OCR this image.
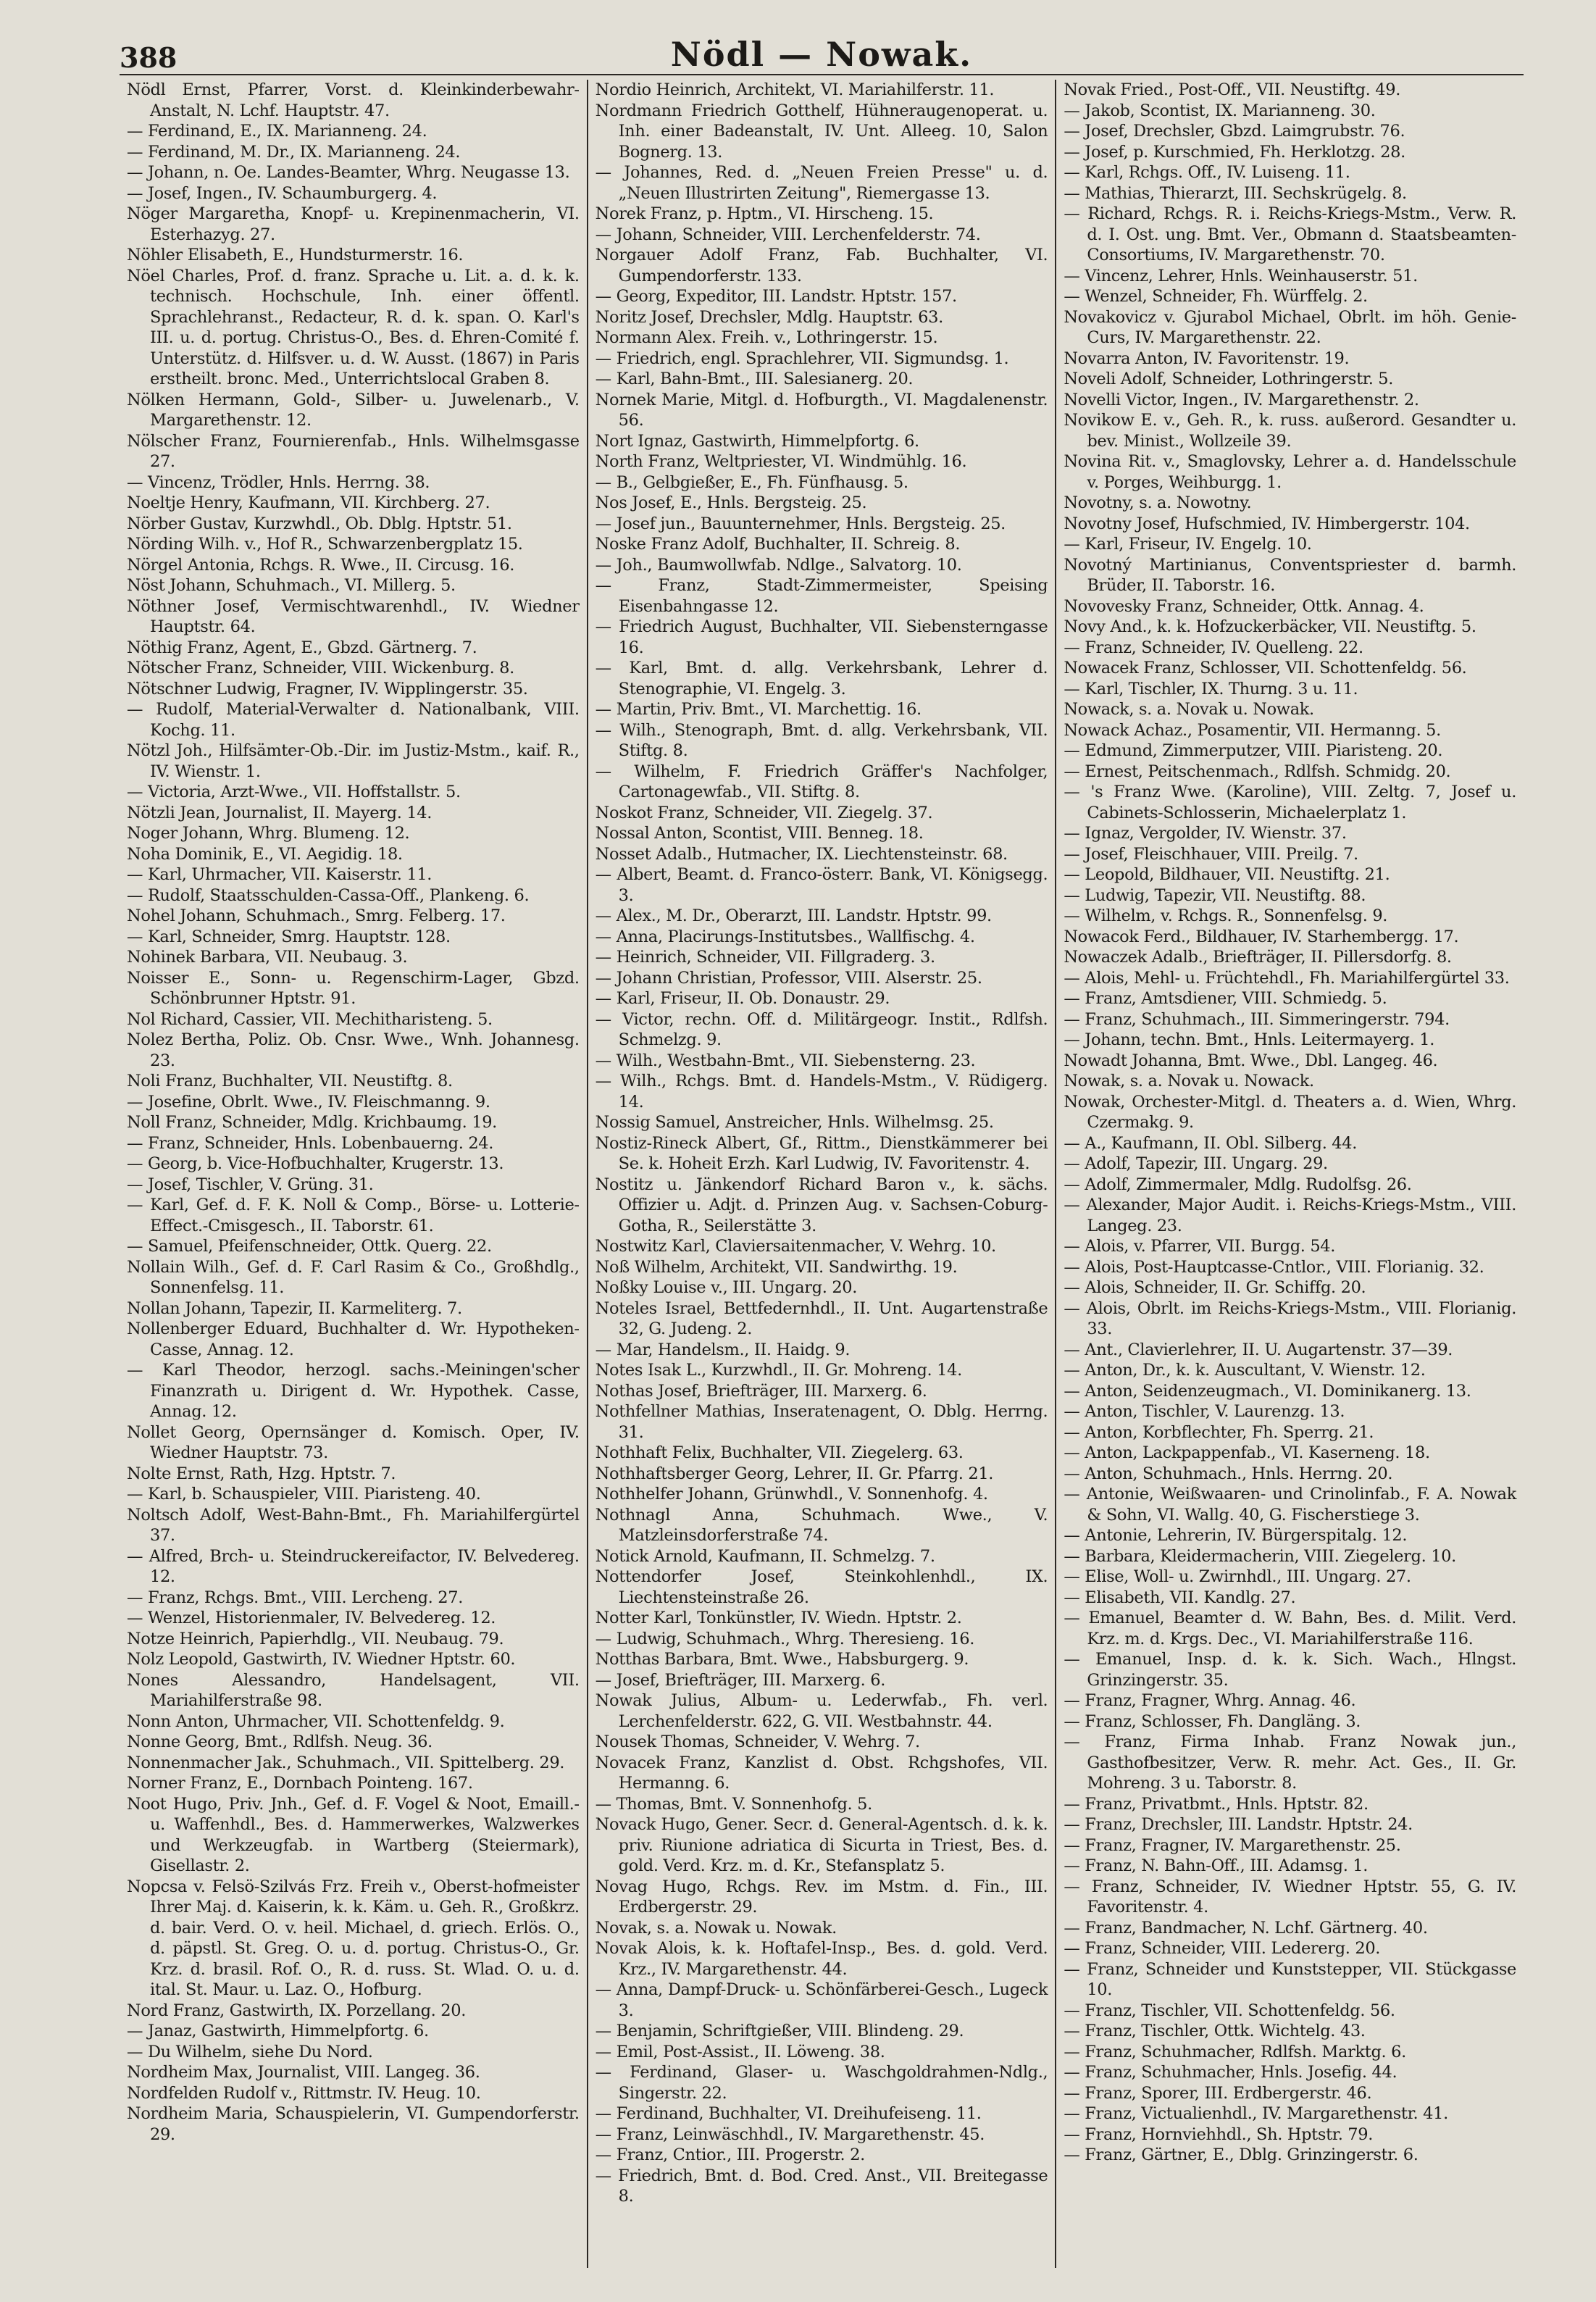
388	Nödl — Nowak.
Nödl Ernst, Pfarrer, Vorst. d. Kleinkinderbewahr-Anstalt, N. Lchf. Hauptstr. 47.
— Ferdinand, E., IX. Marianneng. 24.
— Ferdinand, M. Dr., IX. Marianneng. 24.
— Johann, n. Oe. Landes-Beamter, Whrg. Neugasse 13.
— Josef, Ingen., IV. Schaumburgerg. 4.
Nöger Margaretha, Knopf- u. Krepinenmacherin, VI. Esterhazyg. 27.
Nöhler Elisabeth, E., Hundsturmerstr. 16.
Nöel Charles, Prof. d. franz. Sprache u. Lit. a. d. k. k. technisch. Hochschule, Inh. einer öffentl. Sprachlehranst., Redacteur, R. d. k. span. O. Karl's III. u. d. portug. Christus-O., Bes. d. Ehren-Comité f. Unterstütz. d. Hilfsver. u. d. W. Ausst. (1867) in Paris erstheilt. bronc. Med., Unterrichtslocal Graben 8.
Nölken Hermann, Gold-, Silber- u. Juwelenarb., V. Margarethenstr. 12.
Nölscher Franz, Fournierenfab., Hnls. Wilhelmsgasse 27.
— Vincenz, Trödler, Hnls. Herrng. 38.
Noeltje Henry, Kaufmann, VII. Kirchberg. 27.
Nörber Gustav, Kurzwhdl., Ob. Dblg. Hptstr. 51.
Nörding Wilh. v., Hof R., Schwarzenbergplatz 15.
Nörgel Antonia, Rchgs. R. Wwe., II. Circusg. 16.
Nöst Johann, Schuhmach., VI. Millerg. 5.
Nöthner Josef, Vermischtwarenhdl., IV. Wiedner Hauptstr. 64.
Nöthig Franz, Agent, E., Gbzd. Gärtnerg. 7.
Nötscher Franz, Schneider, VIII. Wickenburg. 8.
Nötschner Ludwig, Fragner, IV. Wipplingerstr. 35.
— Rudolf, Material-Verwalter d. Nationalbank, VIII. Kochg. 11.
Nötzl Joh., Hilfsämter-Ob.-Dir. im Justiz-Mstm., kaif. R., IV. Wienstr. 1.
— Victoria, Arzt-Wwe., VII. Hoffstallstr. 5.
Nötzli Jean, Journalist, II. Mayerg. 14.
Noger Johann, Whrg. Blumeng. 12.
Noha Dominik, E., VI. Aegidig. 18.
— Karl, Uhrmacher, VII. Kaiserstr. 11.
— Rudolf, Staatsschulden-Cassa-Off., Plankeng. 6.
Nohel Johann, Schuhmach., Smrg. Felberg. 17.
— Karl, Schneider, Smrg. Hauptstr. 128.
Nohinek Barbara, VII. Neubaug. 3.
Noisser E., Sonn- u. Regenschirm-Lager, Gbzd. Schönbrunner Hptstr. 91.
Nol Richard, Cassier, VII. Mechitharisteng. 5.
Nolez Bertha, Poliz. Ob. Cnsr. Wwe., Wnh. Johannesg. 23.
Noli Franz, Buchhalter, VII. Neustiftg. 8.
— Josefine, Obrlt. Wwe., IV. Fleischmanng. 9.
Noll Franz, Schneider, Mdlg. Krichbaumg. 19.
— Franz, Schneider, Hnls. Lobenbauerng. 24.
— Georg, b. Vice-Hofbuchhalter, Krugerstr. 13.
— Josef, Tischler, V. Grüng. 31.
— Karl, Gef. d. F. K. Noll & Comp., Börse- u. Lotterie-Effect.-Cmisgesch., II. Taborstr. 61.
— Samuel, Pfeifenschneider, Ottk. Querg. 22.
Nollain Wilh., Gef. d. F. Carl Rasim & Co., Großhdlg., Sonnenfelsg. 11.
Nollan Johann, Tapezir, II. Karmeliterg. 7.
Nollenberger Eduard, Buchhalter d. Wr. Hypotheken-Casse, Annag. 12.
— Karl Theodor, herzogl. sachs.-Meiningen'scher Finanzrath u. Dirigent d. Wr. Hypothek. Casse, Annag. 12.
Nollet Georg, Opernsänger d. Komisch. Oper, IV. Wiedner Hauptstr. 73.
Nolte Ernst, Rath, Hzg. Hptstr. 7.
— Karl, b. Schauspieler, VIII. Piaristeng. 40.
Noltsch Adolf, West-Bahn-Bmt., Fh. Mariahilfergürtel 37.
— Alfred, Brch- u. Steindruckereifactor, IV. Belvedereg. 12.
— Franz, Rchgs. Bmt., VIII. Lercheng. 27.
— Wenzel, Historienmaler, IV. Belvedereg. 12.
Notze Heinrich, Papierhdlg., VII. Neubaug. 79.
Nolz Leopold, Gastwirth, IV. Wiedner Hptstr. 60.
Nones Alessandro, Handelsagent, VII. Mariahilferstraße 98.
Nonn Anton, Uhrmacher, VII. Schottenfeldg. 9.
Nonne Georg, Bmt., Rdlfsh. Neug. 36.
Nonnenmacher Jak., Schuhmach., VII. Spittelberg. 29.
Norner Franz, E., Dornbach Pointeng. 167.
Noot Hugo, Priv. Jnh., Gef. d. F. Vogel & Noot, Emaill.- u. Waffenhdl., Bes. d. Hammerwerkes, Walzwerkes und Werkzeugfab. in Wartberg (Steiermark), Gisellastr. 2.
Nopcsa v. Felsö-Szilvás Frz. Freih v., Oberst-hofmeister Ihrer Maj. d. Kaiserin, k. k. Käm. u. Geh. R., Großkrz. d. bair. Verd. O. v. heil. Michael, d. griech. Erlös. O., d. päpstl. St. Greg. O. u. d. portug. Christus-O., Gr. Krz. d. brasil. Rof. O., R. d. russ. St. Wlad. O. u. d. ital. St. Maur. u. Laz. O., Hofburg.
Nord Franz, Gastwirth, IX. Porzellang. 20.
— Janaz, Gastwirth, Himmelpfortg. 6.
— Du Wilhelm, siehe Du Nord.
Nordheim Max, Journalist, VIII. Langeg. 36.
Nordfelden Rudolf v., Rittmstr. IV. Heug. 10.
Nordheim Maria, Schauspielerin, VI. Gumpendorferstr. 29.
Nordio Heinrich, Architekt, VI. Mariahilferstr. 11.
Nordmann Friedrich Gotthelf, Hühneraugenoperat. u. Inh. einer Badeanstalt, IV. Unt. Alleeg. 10, Salon Bognerg. 13.
— Johannes, Red. d. „Neuen Freien Presse" u. d. „Neuen Illustrirten Zeitung", Riemergasse 13.
Norek Franz, p. Hptm., VI. Hirscheng. 15.
— Johann, Schneider, VIII. Lerchenfelderstr. 74.
Norgauer Adolf Franz, Fab. Buchhalter, VI. Gumpendorferstr. 133.
— Georg, Expeditor, III. Landstr. Hptstr. 157.
Noritz Josef, Drechsler, Mdlg. Hauptstr. 63.
Normann Alex. Freih. v., Lothringerstr. 15.
— Friedrich, engl. Sprachlehrer, VII. Sigmundsg. 1.
— Karl, Bahn-Bmt., III. Salesianerg. 20.
Nornek Marie, Mitgl. d. Hofburgth., VI. Magdalenenstr. 56.
Nort Ignaz, Gastwirth, Himmelpfortg. 6.
North Franz, Weltpriester, VI. Windmühlg. 16.
— B., Gelbgießer, E., Fh. Fünfhausg. 5.
Nos Josef, E., Hnls. Bergsteig. 25.
— Josef jun., Bauunternehmer, Hnls. Bergsteig. 25.
Noske Franz Adolf, Buchhalter, II. Schreig. 8.
— Joh., Baumwollwfab. Ndlge., Salvatorg. 10.
— Franz, Stadt-Zimmermeister, Speising Eisenbahngasse 12.
— Friedrich August, Buchhalter, VII. Siebensterngasse 16.
— Karl, Bmt. d. allg. Verkehrsbank, Lehrer d. Stenographie, VI. Engelg. 3.
— Martin, Priv. Bmt., VI. Marchettig. 16.
— Wilh., Stenograph, Bmt. d. allg. Verkehrsbank, VII. Stiftg. 8.
— Wilhelm, F. Friedrich Gräffer's Nachfolger, Cartonagewfab., VII. Stiftg. 8.
Noskot Franz, Schneider, VII. Ziegelg. 37.
Nossal Anton, Scontist, VIII. Benneg. 18.
Nosset Adalb., Hutmacher, IX. Liechtensteinstr. 68.
— Albert, Beamt. d. Franco-österr. Bank, VI. Königsegg. 3.
— Alex., M. Dr., Oberarzt, III. Landstr. Hptstr. 99.
— Anna, Placirungs-Institutsbes., Wallfischg. 4.
— Heinrich, Schneider, VII. Fillgraderg. 3.
— Johann Christian, Professor, VIII. Alserstr. 25.
— Karl, Friseur, II. Ob. Donaustr. 29.
— Victor, rechn. Off. d. Militärgeogr. Instit., Rdlfsh. Schmelzg. 9.
— Wilh., Westbahn-Bmt., VII. Siebensterng. 23.
— Wilh., Rchgs. Bmt. d. Handels-Mstm., V. Rüdigerg. 14.
Nossig Samuel, Anstreicher, Hnls. Wilhelmsg. 25.
Nostiz-Rineck Albert, Gf., Rittm., Dienstkämmerer bei Se. k. Hoheit Erzh. Karl Ludwig, IV. Favoritenstr. 4.
Nostitz u. Jänkendorf Richard Baron v., k. sächs. Offizier u. Adjt. d. Prinzen Aug. v. Sachsen-Coburg-Gotha, R., Seilerstätte 3.
Nostwitz Karl, Claviersaitenmacher, V. Wehrg. 10.
Noß Wilhelm, Architekt, VII. Sandwirthg. 19.
Noßky Louise v., III. Ungarg. 20.
Noteles Israel, Bettfedernhdl., II. Unt. Augartenstraße 32, G. Judeng. 2.
— Mar, Handelsm., II. Haidg. 9.
Notes Isak L., Kurzwhdl., II. Gr. Mohreng. 14.
Nothas Josef, Briefträger, III. Marxerg. 6.
Nothfellner Mathias, Inseratenagent, O. Dblg. Herrng. 31.
Nothhaft Felix, Buchhalter, VII. Ziegelerg. 63.
Nothhaftsberger Georg, Lehrer, II. Gr. Pfarrg. 21.
Nothhelfer Johann, Grünwhdl., V. Sonnenhofg. 4.
Nothnagl Anna, Schuhmach. Wwe., V. Matzleinsdorferstraße 74.
Notick Arnold, Kaufmann, II. Schmelzg. 7.
Nottendorfer Josef, Steinkohlenhdl., IX. Liechtensteinstraße 26.
Notter Karl, Tonkünstler, IV. Wiedn. Hptstr. 2.
— Ludwig, Schuhmach., Whrg. Theresieng. 16.
Notthas Barbara, Bmt. Wwe., Habsburgerg. 9.
— Josef, Briefträger, III. Marxerg. 6.
Nowak Julius, Album- u. Lederwfab., Fh. verl. Lerchenfelderstr. 622, G. VII. Westbahnstr. 44.
Nousek Thomas, Schneider, V. Wehrg. 7.
Novacek Franz, Kanzlist d. Obst. Rchgshofes, VII. Hermanng. 6.
— Thomas, Bmt. V. Sonnenhofg. 5.
Novack Hugo, Gener. Secr. d. General-Agentsch. d. k. k. priv. Riunione adriatica di Sicurta in Triest, Bes. d. gold. Verd. Krz. m. d. Kr., Stefansplatz 5.
Novag Hugo, Rchgs. Rev. im Mstm. d. Fin., III. Erdbergerstr. 29.
Novak, s. a. Nowak u. Nowak.
Novak Alois, k. k. Hoftafel-Insp., Bes. d. gold. Verd. Krz., IV. Margarethenstr. 44.
— Anna, Dampf-Druck- u. Schönfärberei-Gesch., Lugeck 3.
— Benjamin, Schriftgießer, VIII. Blindeng. 29.
— Emil, Post-Assist., II. Löweng. 38.
— Ferdinand, Glaser- u. Waschgoldrahmen-Ndlg., Singerstr. 22.
— Ferdinand, Buchhalter, VI. Dreihufeiseng. 11.
— Franz, Leinwäschhdl., IV. Margarethenstr. 45.
— Franz, Cntior., III. Progerstr. 2.
— Friedrich, Bmt. d. Bod. Cred. Anst., VII. Breitegasse 8.
Novak Fried., Post-Off., VII. Neustiftg. 49.
— Jakob, Scontist, IX. Marianneng. 30.
— Josef, Drechsler, Gbzd. Laimgrubstr. 76.
— Josef, p. Kurschmied, Fh. Herklotzg. 28.
— Karl, Rchgs. Off., IV. Luiseng. 11.
— Mathias, Thierarzt, III. Sechskrügelg. 8.
— Richard, Rchgs. R. i. Reichs-Kriegs-Mstm., Verw. R. d. I. Ost. ung. Bmt. Ver., Obmann d. Staatsbeamten-Consortiums, IV. Margarethenstr. 70.
— Vincenz, Lehrer, Hnls. Weinhauserstr. 51.
— Wenzel, Schneider, Fh. Würffelg. 2.
Novakovicz v. Gjurabol Michael, Obrlt. im höh. Genie-Curs, IV. Margarethenstr. 22.
Novarra Anton, IV. Favoritenstr. 19.
Noveli Adolf, Schneider, Lothringerstr. 5.
Novelli Victor, Ingen., IV. Margarethenstr. 2.
Novikow E. v., Geh. R., k. russ. außerord. Gesandter u. bev. Minist., Wollzeile 39.
Novina Rit. v., Smaglovsky, Lehrer a. d. Handelsschule v. Porges, Weihburgg. 1.
Novotny, s. a. Nowotny.
Novotny Josef, Hufschmied, IV. Himbergerstr. 104.
— Karl, Friseur, IV. Engelg. 10.
Novotný Martinianus, Conventspriester d. barmh. Brüder, II. Taborstr. 16.
Novovesky Franz, Schneider, Ottk. Annag. 4.
Novy And., k. k. Hofzuckerbäcker, VII. Neustiftg. 5.
— Franz, Schneider, IV. Quelleng. 22.
Nowacek Franz, Schlosser, VII. Schottenfeldg. 56.
— Karl, Tischler, IX. Thurng. 3 u. 11.
Nowack, s. a. Novak u. Nowak.
Nowack Achaz., Posamentir, VII. Hermanng. 5.
— Edmund, Zimmerputzer, VIII. Piaristeng. 20.
— Ernest, Peitschenmach., Rdlfsh. Schmidg. 20.
— 's Franz Wwe. (Karoline), VIII. Zeltg. 7, Josef u. Cabinets-Schlosserin, Michaelerplatz 1.
— Ignaz, Vergolder, IV. Wienstr. 37.
— Josef, Fleischhauer, VIII. Preilg. 7.
— Leopold, Bildhauer, VII. Neustiftg. 21.
— Ludwig, Tapezir, VII. Neustiftg. 88.
— Wilhelm, v. Rchgs. R., Sonnenfelsg. 9.
Nowacok Ferd., Bildhauer, IV. Starhembergg. 17.
Nowaczek Adalb., Briefträger, II. Pillersdorfg. 8.
— Alois, Mehl- u. Früchtehdl., Fh. Mariahilfergürtel 33.
— Franz, Amtsdiener, VIII. Schmiedg. 5.
— Franz, Schuhmach., III. Simmeringerstr. 794.
— Johann, techn. Bmt., Hnls. Leitermayerg. 1.
Nowadt Johanna, Bmt. Wwe., Dbl. Langeg. 46.
Nowak, s. a. Novak u. Nowack.
Nowak, Orchester-Mitgl. d. Theaters a. d. Wien, Whrg. Czermakg. 9.
— A., Kaufmann, II. Obl. Silberg. 44.
— Adolf, Tapezir, III. Ungarg. 29.
— Adolf, Zimmermaler, Mdlg. Rudolfsg. 26.
— Alexander, Major Audit. i. Reichs-Kriegs-Mstm., VIII. Langeg. 23.
— Alois, v. Pfarrer, VII. Burgg. 54.
— Alois, Post-Hauptcasse-Cntlor., VIII. Florianig. 32.
— Alois, Schneider, II. Gr. Schiffg. 20.
— Alois, Obrlt. im Reichs-Kriegs-Mstm., VIII. Florianig. 33.
— Ant., Clavierlehrer, II. U. Augartenstr. 37—39.
— Anton, Dr., k. k. Auscultant, V. Wienstr. 12.
— Anton, Seidenzeugmach., VI. Dominikanerg. 13.
— Anton, Tischler, V. Laurenzg. 13.
— Anton, Korbflechter, Fh. Sperrg. 21.
— Anton, Lackpappenfab., VI. Kaserneng. 18.
— Anton, Schuhmach., Hnls. Herrng. 20.
— Antonie, Weißwaaren- und Crinolinfab., F. A. Nowak & Sohn, VI. Wallg. 40, G. Fischerstiege 3.
— Antonie, Lehrerin, IV. Bürgerspitalg. 12.
— Barbara, Kleidermacherin, VIII. Ziegelerg. 10.
— Elise, Woll- u. Zwirnhdl., III. Ungarg. 27.
— Elisabeth, VII. Kandlg. 27.
— Emanuel, Beamter d. W. Bahn, Bes. d. Milit. Verd. Krz. m. d. Krgs. Dec., VI. Mariahilferstraße 116.
— Emanuel, Insp. d. k. k. Sich. Wach., Hlngst. Grinzingerstr. 35.
— Franz, Fragner, Whrg. Annag. 46.
— Franz, Schlosser, Fh. Dangläng. 3.
— Franz, Firma Inhab. Franz Nowak jun., Gasthofbesitzer, Verw. R. mehr. Act. Ges., II. Gr. Mohreng. 3 u. Taborstr. 8.
— Franz, Privatbmt., Hnls. Hptstr. 82.
— Franz, Drechsler, III. Landstr. Hptstr. 24.
— Franz, Fragner, IV. Margarethenstr. 25.
— Franz, N. Bahn-Off., III. Adamsg. 1.
— Franz, Schneider, IV. Wiedner Hptstr. 55, G. IV. Favoritenstr. 4.
— Franz, Bandmacher, N. Lchf. Gärtnerg. 40.
— Franz, Schneider, VIII. Ledererg. 20.
— Franz, Schneider und Kunststepper, VII. Stückgasse 10.
— Franz, Tischler, VII. Schottenfeldg. 56.
— Franz, Tischler, Ottk. Wichtelg. 43.
— Franz, Schuhmacher, Rdlfsh. Marktg. 6.
— Franz, Schuhmacher, Hnls. Josefig. 44.
— Franz, Sporer, III. Erdbergerstr. 46.
— Franz, Victualienhdl., IV. Margarethenstr. 41.
— Franz, Hornviehhdl., Sh. Hptstr. 79.
— Franz, Gärtner, E., Dblg. Grinzingerstr. 6.
